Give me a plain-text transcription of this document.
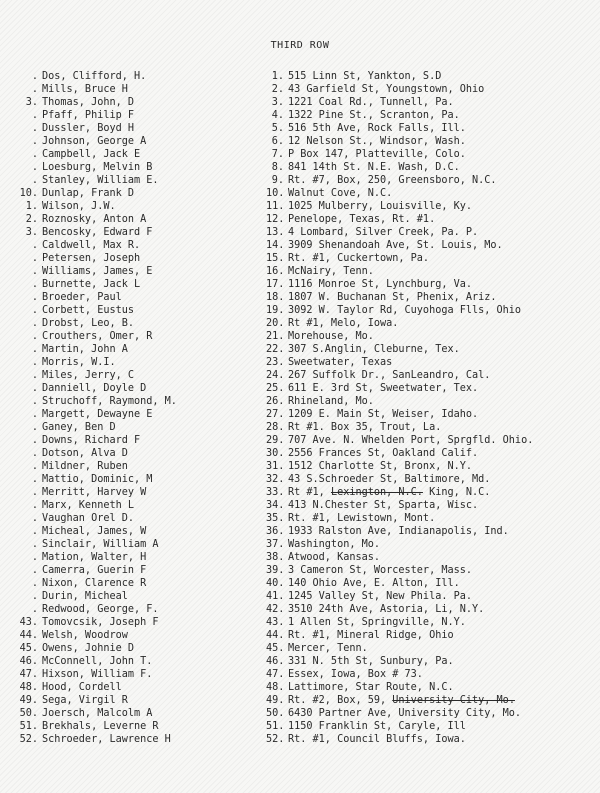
THIRD ROW
. Dos, Clifford, H.
. Mills, Bruce H
3. Thomas, John, D
. Pfaff, Philip F
. Dussler, Boyd H
. Johnson, George A
. Campbell, Jack E
. Loesburg, Melvin B
. Stanley, William E.
10. Dunlap, Frank D
1. Wilson, J.W.
2. Roznosky, Anton A
3. Bencosky, Edward F
. Caldwell, Max R.
. Petersen, Joseph
. Williams, James, E
. Burnette, Jack L
. Broeder, Paul
. Corbett, Eustus
. Drobst, Leo, B.
. Crouthers, Omer, R
. Martin, John A
. Morris, W.I.
. Miles, Jerry, C
. Danniell, Doyle D
. Struchoff, Raymond, M.
. Margett, Dewayne E
. Ganey, Ben D
. Downs, Richard F
. Dotson, Alva D
. Mildner, Ruben
. Mattio, Dominic, M
. Merritt, Harvey W
. Marx, Kenneth L
. Vaughan Orel D.
. Micheal, James, W
. Sinclair, William A
. Mation, Walter, H
. Camerra, Guerin F
. Nixon, Clarence R
. Durin, Micheal
. Redwood, George, F.
43. Tomovcsik, Joseph F
44. Welsh, Woodrow
45. Owens, Johnie D
46. McConnell, John T.
47. Hixson, William F.
48. Hood, Cordell
49. Sega, Virgil R
50. Joersch, Malcolm A
51. Brekhals, Leverne R
52. Schroeder, Lawrence H
1. 515 Linn St, Yankton, S.D
2. 43 Garfield St, Youngstown, Ohio
3. 1221 Coal Rd., Tunnell, Pa.
4. 1322 Pine St., Scranton, Pa.
5. 516 5th Ave, Rock Falls, Ill.
6. 12 Nelson St., Windsor, Wash.
7. P Box 147, Platteville, Colo.
8. 841 14th St. N.E. Wash, D.C.
9. Rt. #7, Box, 250, Greensboro, N.C.
10. Walnut Cove, N.C.
11. 1025 Mulberry, Louisville, Ky.
12. Penelope, Texas, Rt. #1.
13. 4 Lombard, Silver Creek, Pa. P.
14. 3909 Shenandoah Ave, St. Louis, Mo.
15. Rt. #1, Cuckertown, Pa.
16. McNairy, Tenn.
17. 1116 Monroe St, Lynchburg, Va.
18. 1807 W. Buchanan St, Phenix, Ariz.
19. 3092 W. Taylor Rd, Cuyohoga Flls, Ohio
20. Rt #1, Melo, Iowa.
21. Morehouse, Mo.
22. 307 S.Anglin, Cleburne, Tex.
23. Sweetwater, Texas
24. 267 Suffolk Dr., SanLeandro, Cal.
25. 611 E. 3rd St, Sweetwater, Tex.
26. Rhineland, Mo.
27. 1209 E. Main St, Weiser, Idaho.
28. Rt #1. Box 35, Trout, La.
29. 707 Ave. N. Whelden Port, Sprgfld. Ohio.
30. 2556 Frances St, Oakland Calif.
31. 1512 Charlotte St, Bronx, N.Y.
32. 43 S.Schroeder St, Baltimore, Md.
33. Rt #1, Lexington, N.C. King, N.C.
34. 413 N.Chester St, Sparta, Wisc.
35. Rt. #1, Lewistown, Mont.
36. 1933 Ralston Ave, Indianapolis, Ind.
37. Washington, Mo.
38. Atwood, Kansas.
39. 3 Cameron St, Worcester, Mass.
40. 140 Ohio Ave, E. Alton, Ill.
41. 1245 Valley St, New Phila. Pa.
42. 3510 24th Ave, Astoria, Li, N.Y.
43. 1 Allen St, Springville, N.Y.
44. Rt. #1, Mineral Ridge, Ohio
45. Mercer, Tenn.
46. 331 N. 5th St, Sunbury, Pa.
47. Essex, Iowa, Box # 73.
48. Lattimore, Star Route, N.C.
49. Rt. #2, Box, 59, University City, Mo.
50. 6430 Partner Ave, University City, Mo.
51. 1150 Franklin St, Caryle, Ill
52. Rt. #1, Council Bluffs, Iowa.
